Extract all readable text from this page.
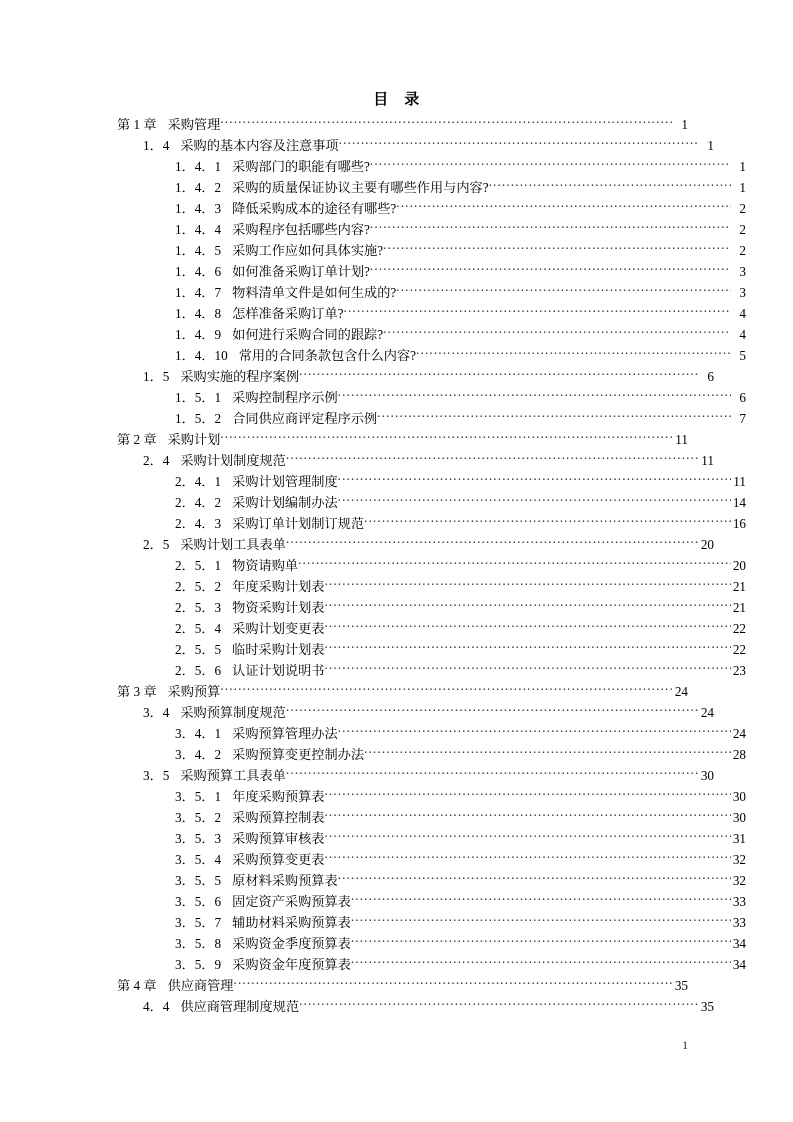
目　录
第 1 章 采购管理 .....	1
1．4 采购的基本内容及注意事项 .....	1
1．4．1 采购部门的职能有哪些? .....	1
1．4．2 采购的质量保证协议主要有哪些作用与内容? .....	1
1．4．3 降低采购成本的途径有哪些? .....	2
1．4．4 采购程序包括哪些内容? .....	2
1．4．5 采购工作应如何具体实施? .....	2
1．4．6 如何准备采购订单计划? .....	3
1．4．7 物料清单文件是如何生成的? .....	3
1．4．8 怎样准备采购订单? .....	4
1．4．9 如何进行采购合同的跟踪? .....	4
1．4．10 常用的合同条款包含什么内容? .....	5
1．5 采购实施的程序案例 .....	6
1．5．1 采购控制程序示例 .....	6
1．5．2 合同供应商评定程序示例 .....	7
第 2 章 采购计划 .....	11
2．4 采购计划制度规范 .....	11
2．4．1 采购计划管理制度 .....	11
2．4．2 采购计划编制办法 .....	14
2．4．3 采购订单计划制订规范 .....	16
2．5 采购计划工具表单 .....	20
2．5．1 物资请购单 .....	20
2．5．2 年度采购计划表 .....	21
2．5．3 物资采购计划表 .....	21
2．5．4 采购计划变更表 .....	22
2．5．5 临时采购计划表 .....	22
2．5．6 认证计划说明书 .....	23
第 3 章 采购预算 .....	24
3．4 采购预算制度规范 .....	24
3．4．1 采购预算管理办法 .....	24
3．4．2 采购预算变更控制办法 .....	28
3．5 采购预算工具表单 .....	30
3．5．1 年度采购预算表 .....	30
3．5．2 采购预算控制表 .....	30
3．5．3 采购预算审核表 .....	31
3．5．4 采购预算变更表 .....	32
3．5．5 原材料采购预算表 .....	32
3．5．6 固定资产采购预算表 .....	33
3．5．7 辅助材料采购预算表 .....	33
3．5．8 采购资金季度预算表 .....	34
3．5．9 采购资金年度预算表 .....	34
第 4 章 供应商管理 .....	35
4．4 供应商管理制度规范 .....	35
1
